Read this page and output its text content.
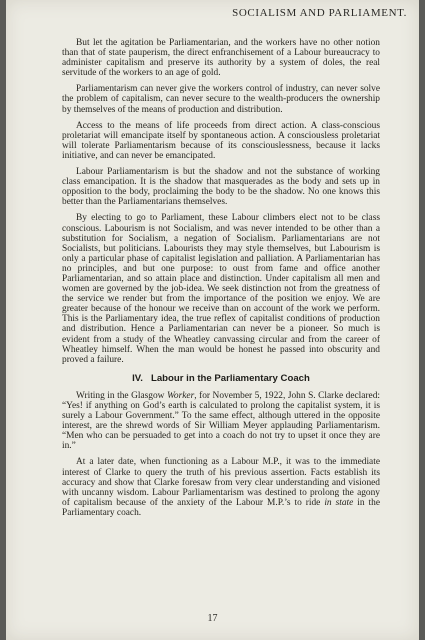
SOCIALISM AND PARLIAMENT.

But let the agitation be Parliamentarian, and the workers have no other notion than that of state pauperism, the direct enfranchisement of a Labour bureaucracy to administer capitalism and preserve its authority by a system of doles, the real servitude of the workers to an age of gold.

Parliamentarism can never give the workers control of industry, can never solve the problem of capitalism, can never secure to the wealth-producers the ownership by themselves of the means of production and distribution.

Access to the means of life proceeds from direct action. A class-conscious proletariat will emancipate itself by spontaneous action. A consciousless proletariat will tolerate Parliamentarism because of its consciouslessness, because it lacks initiative, and can never be emancipated.

Labour Parliamentarism is but the shadow and not the substance of working class emancipation. It is the shadow that masquerades as the body and sets up in opposition to the body, proclaiming the body to be the shadow. No one knows this better than the Parliamentarians themselves.

By electing to go to Parliament, these Labour climbers elect not to be class conscious. Labourism is not Socialism, and was never intended to be other than a substitution for Socialism, a negation of Socialism. Parliamentarians are not Socialists, but politicians. Labourists they may style themselves, but Labourism is only a particular phase of capitalist legislation and palliation. A Parliamentarian has no principles, and but one purpose: to oust from fame and office another Parliamentarian, and so attain place and distinction. Under capitalism all men and women are governed by the job-idea. We seek distinction not from the greatness of the service we render but from the importance of the position we enjoy. We are greater because of the honour we receive than on account of the work we perform. This is the Parliamentary idea, the true reflex of capitalist conditions of production and distribution. Hence a Parliamentarian can never be a pioneer. So much is evident from a study of the Wheatley canvassing circular and from the career of Wheatley himself. When the man would be honest he passed into obscurity and proved a failure.

IV. Labour in the Parliamentary Coach

Writing in the Glasgow Worker, for November 5, 1922, John S. Clarke declared: “Yes! if anything on God’s earth is calculated to prolong the capitalist system, it is surely a Labour Government.” To the same effect, although uttered in the opposite interest, are the shrewd words of Sir William Meyer applauding Parliamentarism. “Men who can be persuaded to get into a coach do not try to upset it once they are in.”

At a later date, when functioning as a Labour M.P., it was to the immediate interest of Clarke to query the truth of his previous assertion. Facts establish its accuracy and show that Clarke foresaw from very clear understanding and visioned with uncanny wisdom. Labour Parliamentarism was destined to prolong the agony of capitalism because of the anxiety of the Labour M.P.’s to ride in state in the Parliamentary coach.

17
